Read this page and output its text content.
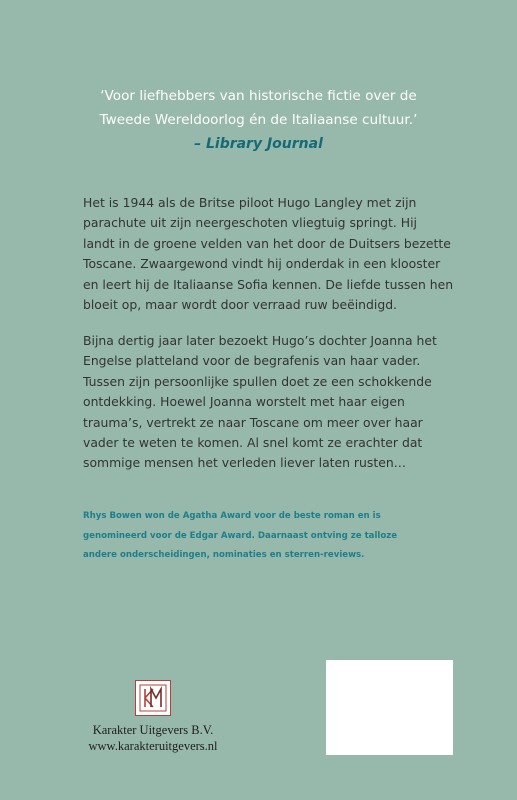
‘Voor liefhebbers van historische fictie over de
Tweede Wereldoorlog én de Italiaanse cultuur.’
– Library Journal
Het is 1944 als de Britse piloot Hugo Langley met zijn
parachute uit zijn neergeschoten vliegtuig springt. Hij
landt in de groene velden van het door de Duitsers bezette
Toscane. Zwaargewond vindt hij onderdak in een klooster
en leert hij de Italiaanse Sofia kennen. De liefde tussen hen
bloeit op, maar wordt door verraad ruw beëindigd.
Bijna dertig jaar later bezoekt Hugo’s dochter Joanna het
Engelse platteland voor de begrafenis van haar vader.
Tussen zijn persoonlijke spullen doet ze een schokkende
ontdekking. Hoewel Joanna worstelt met haar eigen
trauma’s, vertrekt ze naar Toscane om meer over haar
vader te weten te komen. Al snel komt ze erachter dat
sommige mensen het verleden liever laten rusten…
Rhys Bowen won de Agatha Award voor de beste roman en is
genomineerd voor de Edgar Award. Daarnaast ontving ze talloze
andere onderscheidingen, nominaties en sterren-reviews.
Karakter Uitgevers B.V.
www.karakteruitgevers.nl
